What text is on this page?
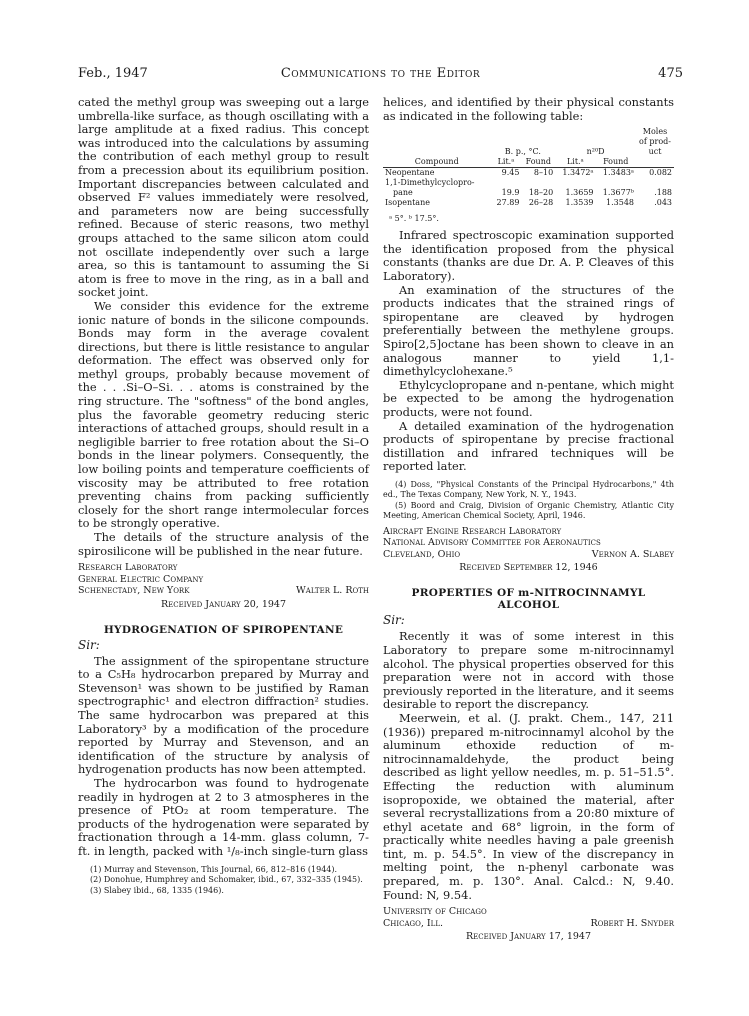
Feb., 1947	Communications to the Editor	475

cated the methyl group was sweeping out a large umbrella-like surface, as though oscillating with a large amplitude at a fixed radius. This concept was introduced into the calculations by assuming the contribution of each methyl group to result from a precession about its equilibrium position. Important discrepancies between calculated and observed F² values immediately were resolved, and parameters now are being successfully refined. Because of steric reasons, two methyl groups attached to the same silicon atom could not oscillate independently over such a large area, so this is tantamount to assuming the Si atom is free to move in the ring, as in a ball and socket joint.

We consider this evidence for the extreme ionic nature of bonds in the silicone compounds. Bonds may form in the average covalent directions, but there is little resistance to angular deformation. The effect was observed only for methyl groups, probably because movement of the . . .Si–O–Si. . . atoms is constrained by the ring structure. The "softness" of the bond angles, plus the favorable geometry reducing steric interactions of attached groups, should result in a negligible barrier to free rotation about the Si–O bonds in the linear polymers. Consequently, the low boiling points and temperature coefficients of viscosity may be attributed to free rotation preventing chains from packing sufficiently closely for the short range intermolecular forces to be strongly operative.

The details of the structure analysis of the spirosilicone will be published in the near future.

Research Laboratory
General Electric Company
Schenectady, New York	Walter L. Roth
Received January 20, 1947
HYDROGENATION OF SPIROPENTANE
Sir:

The assignment of the spiropentane structure to a C₅H₈ hydrocarbon prepared by Murray and Stevenson¹ was shown to be justified by Raman spectrographic¹ and electron diffraction² studies. The same hydrocarbon was prepared at this Laboratory³ by a modification of the procedure reported by Murray and Stevenson, and an identification of the structure by analysis of hydrogenation products has now been attempted.

The hydrocarbon was found to hydrogenate readily in hydrogen at 2 to 3 atmospheres in the presence of PtO₂ at room temperature. The products of the hydrogenation were separated by fractionation through a 14-mm. glass column, 7-ft. in length, packed with ¹/₈-inch single-turn glass

(1) Murray and Stevenson, This Journal, 66, 812–816 (1944).

(2) Donohue, Humphrey and Schomaker, ibid., 67, 332–335 (1945).

(3) Slabey ibid., 68, 1335 (1946).

helices, and identified by their physical constants as indicated in the following table:

	B. p., °C.		n²⁰D		Moles of prod- uct
Compound	Lit.ᵃ	Found	Lit.ᵃ	Found	
Neopentane	9.45	8–10	1.3472ᵃ	1.3483ᵃ	0.082
1,1-Dimethylcyclopro-					
pane	19.9	18–20	1.3659	1.3677ᵇ	.188
Isopentane	27.89	26–28	1.3539	1.3548	.043
ᵃ 5°. ᵇ 17.5°.

Infrared spectroscopic examination supported the identification proposed from the physical constants (thanks are due Dr. A. P. Cleaves of this Laboratory).

An examination of the structures of the products indicates that the strained rings of spiropentane are cleaved by hydrogen preferentially between the methylene groups. Spiro[2,5]octane has been shown to cleave in an analogous manner to yield 1,1-dimethylcyclohexane.⁵

Ethylcyclopropane and n-pentane, which might be expected to be among the hydrogenation products, were not found.

A detailed examination of the hydrogenation products of spiropentane by precise fractional distillation and infrared techniques will be reported later.

(4) Doss, "Physical Constants of the Principal Hydrocarbons," 4th ed., The Texas Company, New York, N. Y., 1943.

(5) Boord and Craig, Division of Organic Chemistry, Atlantic City Meeting, American Chemical Society, April, 1946.

Aircraft Engine Research Laboratory
National Advisory Committee for Aeronautics
Cleveland, Ohio	Vernon A. Slabey
Received September 12, 1946
PROPERTIES OF m-NITROCINNAMYL ALCOHOL
Sir:

Recently it was of some interest in this Laboratory to prepare some m-nitrocinnamyl alcohol. The physical properties observed for this preparation were not in accord with those previously reported in the literature, and it seems desirable to report the discrepancy.

Meerwein, et al. (J. prakt. Chem., 147, 211 (1936)) prepared m-nitrocinnamyl alcohol by the aluminum ethoxide reduction of m-nitrocinnamaldehyde, the product being described as light yellow needles, m. p. 51–51.5°. Effecting the reduction with aluminum isopropoxide, we obtained the material, after several recrystallizations from a 20:80 mixture of ethyl acetate and 68° ligroin, in the form of practically white needles having a pale greenish tint, m. p. 54.5°. In view of the discrepancy in melting point, the n-phenyl carbonate was prepared, m. p. 130°. Anal. Calcd.: N, 9.40. Found: N, 9.54.

University of Chicago
Chicago, Ill.	Robert H. Snyder
Received January 17, 1947
